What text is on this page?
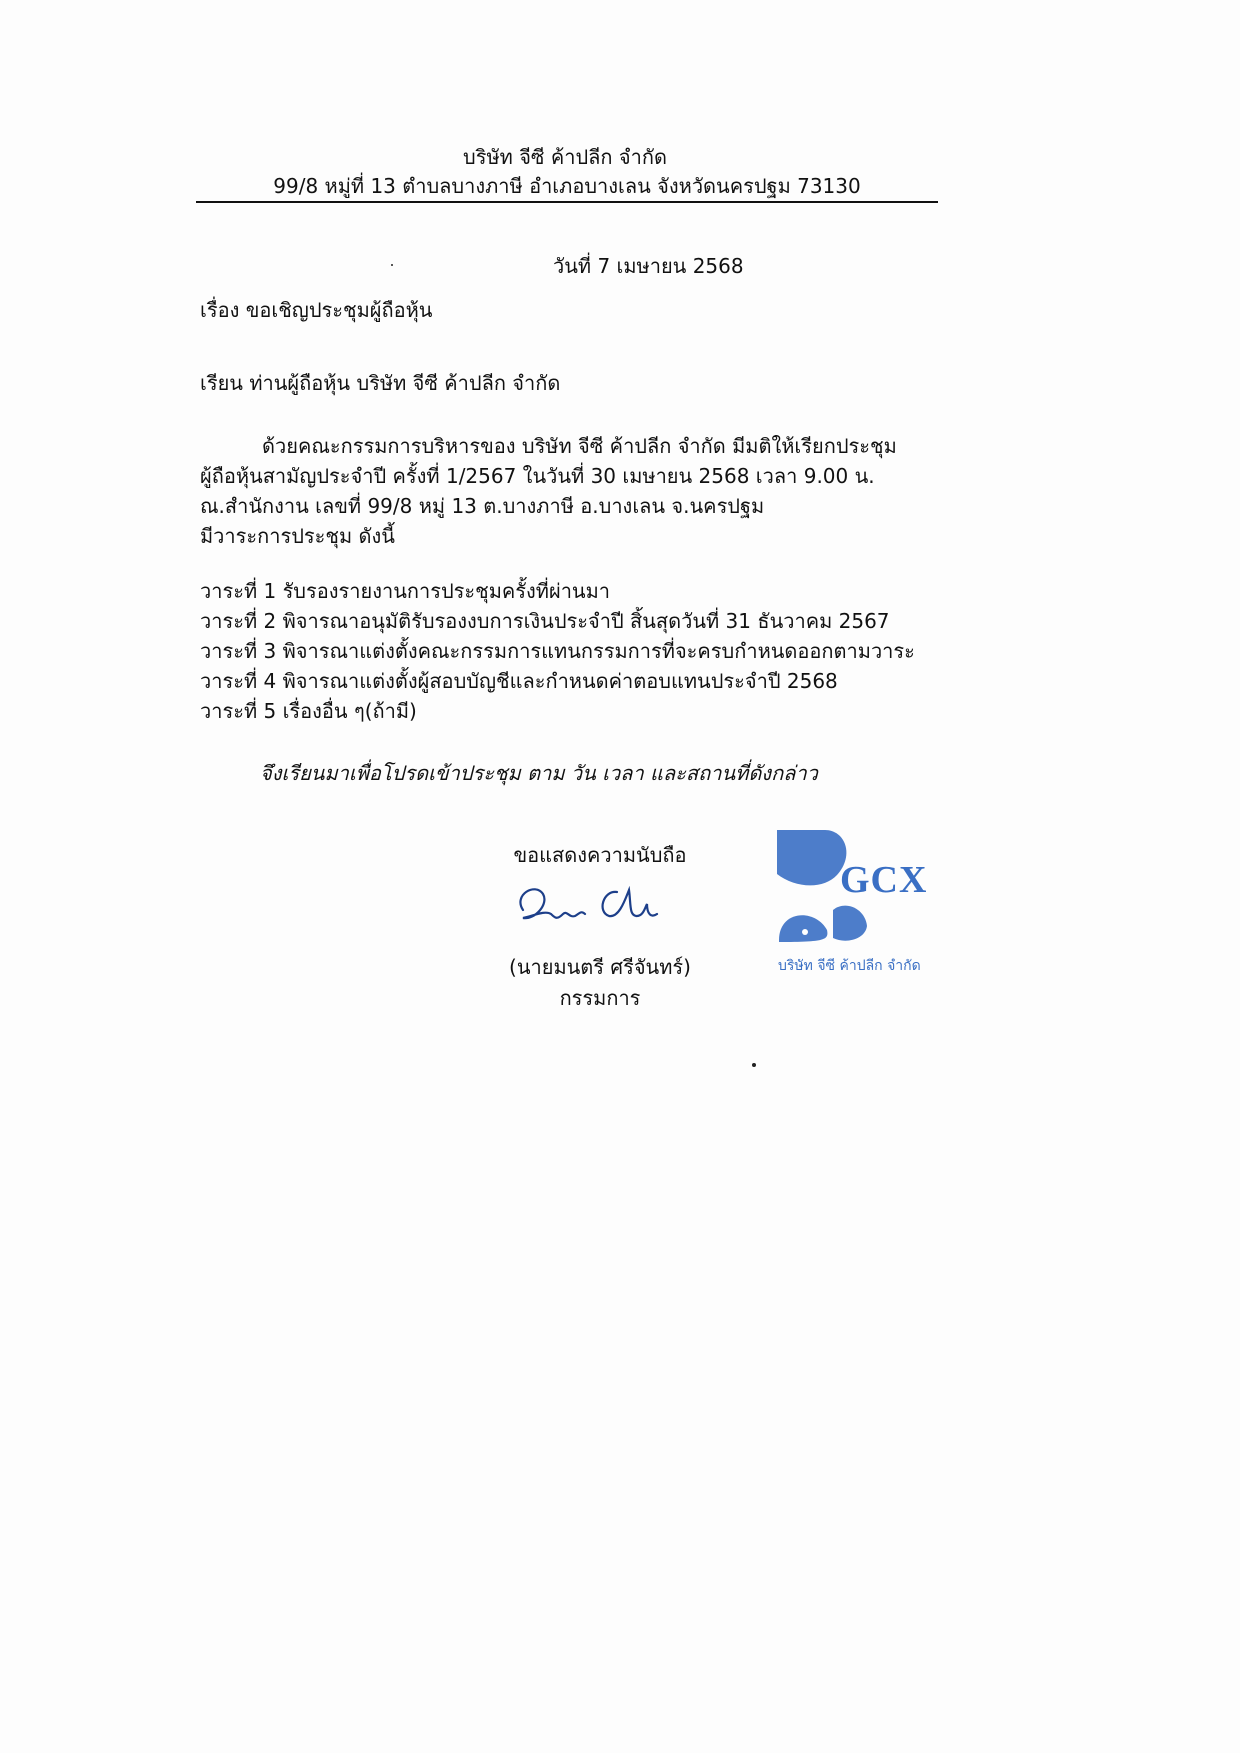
บริษัท จีซี ค้าปลีก จำกัด
99/8 หมู่ที่ 13 ตำบลบางภาษี อำเภอบางเลน จังหวัดนครปฐม 73130
วันที่ 7 เมษายน 2568
เรื่อง ขอเชิญประชุมผู้ถือหุ้น
เรียน ท่านผู้ถือหุ้น บริษัท จีซี ค้าปลีก จำกัด
ด้วยคณะกรรมการบริหารของ บริษัท จีซี ค้าปลีก จำกัด มีมติให้เรียกประชุม
ผู้ถือหุ้นสามัญประจำปี ครั้งที่ 1/2567 ในวันที่ 30 เมษายน 2568 เวลา 9.00 น.
ณ.สำนักงาน เลขที่ 99/8 หมู่ 13 ต.บางภาษี อ.บางเลน จ.นครปฐม
มีวาระการประชุม ดังนี้
วาระที่ 1 รับรองรายงานการประชุมครั้งที่ผ่านมา
วาระที่ 2 พิจารณาอนุมัติรับรองงบการเงินประจำปี สิ้นสุดวันที่ 31 ธันวาคม 2567
วาระที่ 3 พิจารณาแต่งตั้งคณะกรรมการแทนกรรมการที่จะครบกำหนดออกตามวาระ
วาระที่ 4 พิจารณาแต่งตั้งผู้สอบบัญชีและกำหนดค่าตอบแทนประจำปี 2568
วาระที่ 5 เรื่องอื่น ๆ(ถ้ามี)
จึงเรียนมาเพื่อโปรดเข้าประชุม ตาม วัน เวลา และสถานที่ดังกล่าว
ขอแสดงความนับถือ
(นายมนตรี ศรีจันทร์)
กรรมการ
GCX
บริษัท จีซี ค้าปลีก จำกัด
